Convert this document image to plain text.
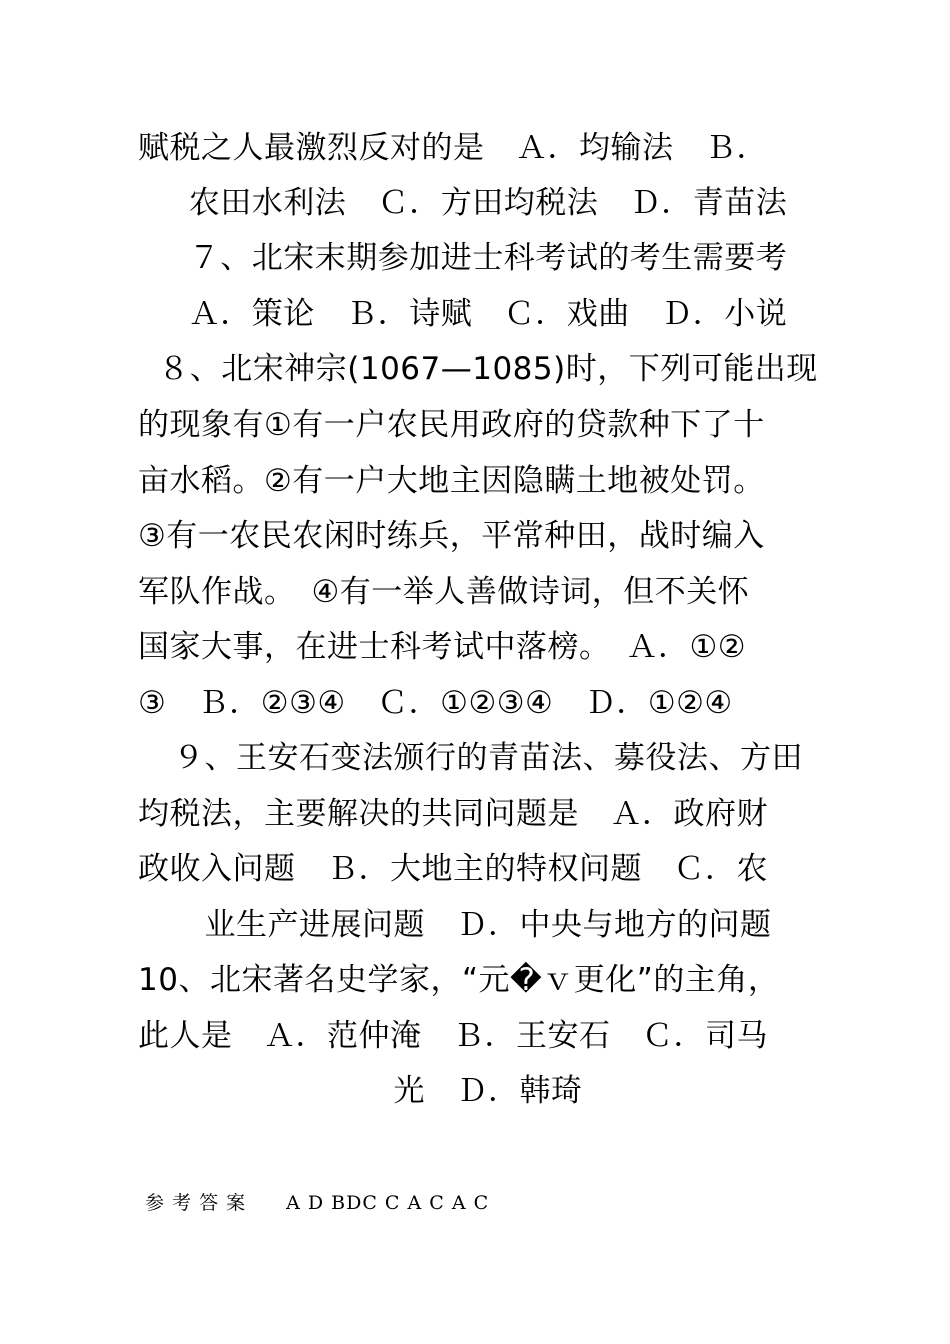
赋税之人最激烈反对的是　Ａ．均输法　Ｂ．
农田水利法　Ｃ．方田均税法　Ｄ．青苗法
７、北宋末期参加进士科考试的考生需要考
Ａ．策论　Ｂ．诗赋　Ｃ．戏曲　Ｄ．小说
８、北宋神宗(1067—1085)时，下列可能出现
的现象有①有一户农民用政府的贷款种下了十
亩水稻。②有一户大地主因隐瞒土地被处罚。
③有一农民农闲时练兵，平常种田，战时编入
军队作战。　④有一举人善做诗词，但不关怀
国家大事，在进士科考试中落榜。　Ａ．①②
③　Ｂ．②③④　Ｃ．①②③④　Ｄ．①②④
９、王安石变法颁行的青苗法、募役法、方田
均税法，主要解决的共同问题是　Ａ．政府财
政收入问题　Ｂ．大地主的特权问题　Ｃ．农
业生产进展问题　Ｄ．中央与地方的问题
10、北宋著名史学家，“元�ｖ更化”的主角，
此人是　Ａ．范仲淹　Ｂ．王安石　Ｃ．司马
光　Ｄ．韩琦
参 考 答 案　　A D BDC C A C A C
